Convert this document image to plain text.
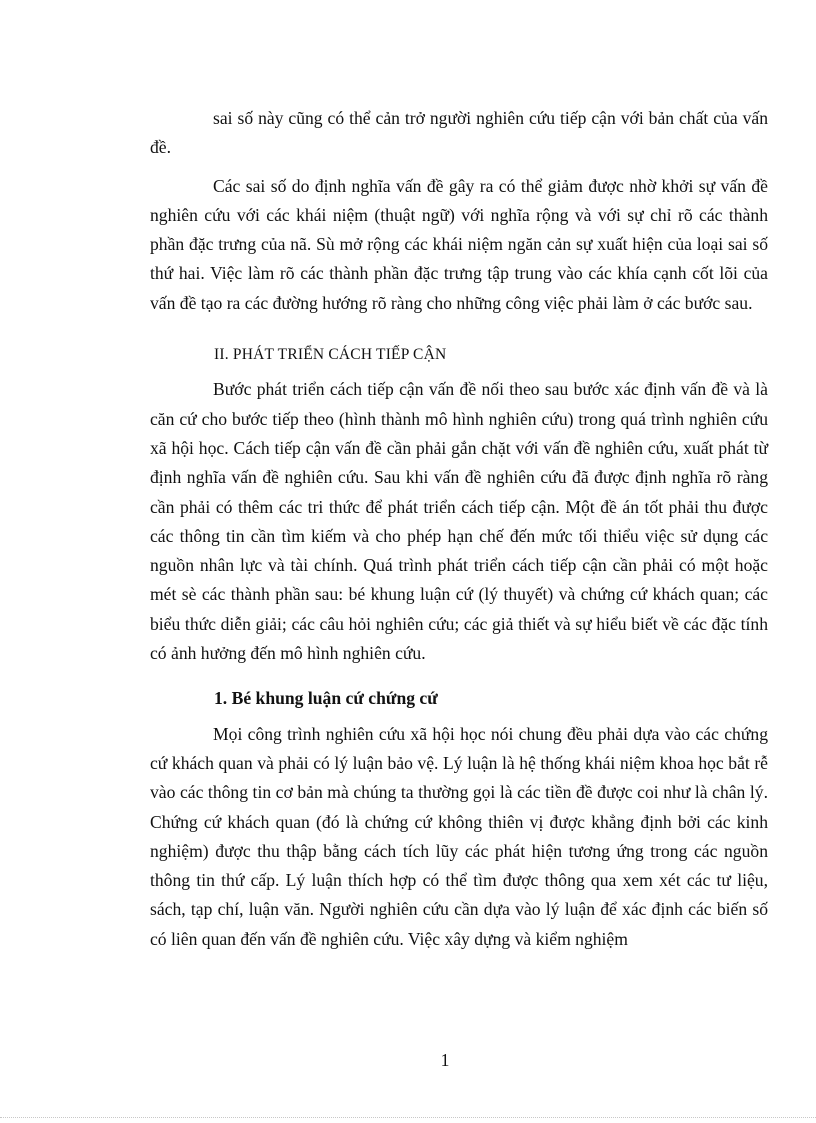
sai số này cũng có thể cản trở người nghiên cứu tiếp cận với bản chất của vấn đề.

Các sai số do định nghĩa vấn đề gây ra có thể giảm được nhờ khởi sự vấn đề nghiên cứu với các khái niệm (thuật ngữ) với nghĩa rộng và với sự chỉ rõ các thành phần đặc trưng của nã. Sù mở rộng các khái niệm ngăn cản sự xuất hiện của loại sai số thứ hai. Việc làm rõ các thành phần đặc trưng tập trung vào các khía cạnh cốt lõi của vấn đề tạo ra các đường hướng rõ ràng cho những công việc phải làm ở các bước sau.

II. PHÁT TRIỂN CÁCH TIẾP CẬN

Bước phát triển cách tiếp cận vấn đề nối theo sau bước xác định vấn đề và là căn cứ cho bước tiếp theo (hình thành mô hình nghiên cứu) trong quá trình nghiên cứu xã hội học. Cách tiếp cận vấn đề cần phải gắn chặt với vấn đề nghiên cứu, xuất phát từ định nghĩa vấn đề nghiên cứu. Sau khi vấn đề nghiên cứu đã được định nghĩa rõ ràng cần phải có thêm các tri thức để phát triển cách tiếp cận. Một đề án tốt phải thu được các thông tin cần tìm kiếm và cho phép hạn chế đến mức tối thiểu việc sử dụng các nguồn nhân lực và tài chính. Quá trình phát triển cách tiếp cận cần phải có một hoặc mét sè các thành phần sau: bé khung luận cứ (lý thuyết) và chứng cứ khách quan; các biểu thức diễn giải; các câu hỏi nghiên cứu; các giả thiết và sự hiểu biết về các đặc tính có ảnh hưởng đến mô hình nghiên cứu.

1. Bé khung luận cứ chứng cứ

Mọi công trình nghiên cứu xã hội học nói chung đều phải dựa vào các chứng cứ khách quan và phải có lý luận bảo vệ. Lý luận là hệ thống khái niệm khoa học bắt rễ vào các thông tin cơ bản mà chúng ta thường gọi là các tiền đề được coi như là chân lý. Chứng cứ khách quan (đó là chứng cứ không thiên vị được khẳng định bởi các kinh nghiệm) được thu thập bằng cách tích lũy các phát hiện tương ứng trong các nguồn thông tin thứ cấp. Lý luận thích hợp có thể tìm được thông qua xem xét các tư liệu, sách, tạp chí, luận văn. Người nghiên cứu cần dựa vào lý luận để xác định các biến số có liên quan đến vấn đề nghiên cứu. Việc xây dựng và kiểm nghiệm

1
